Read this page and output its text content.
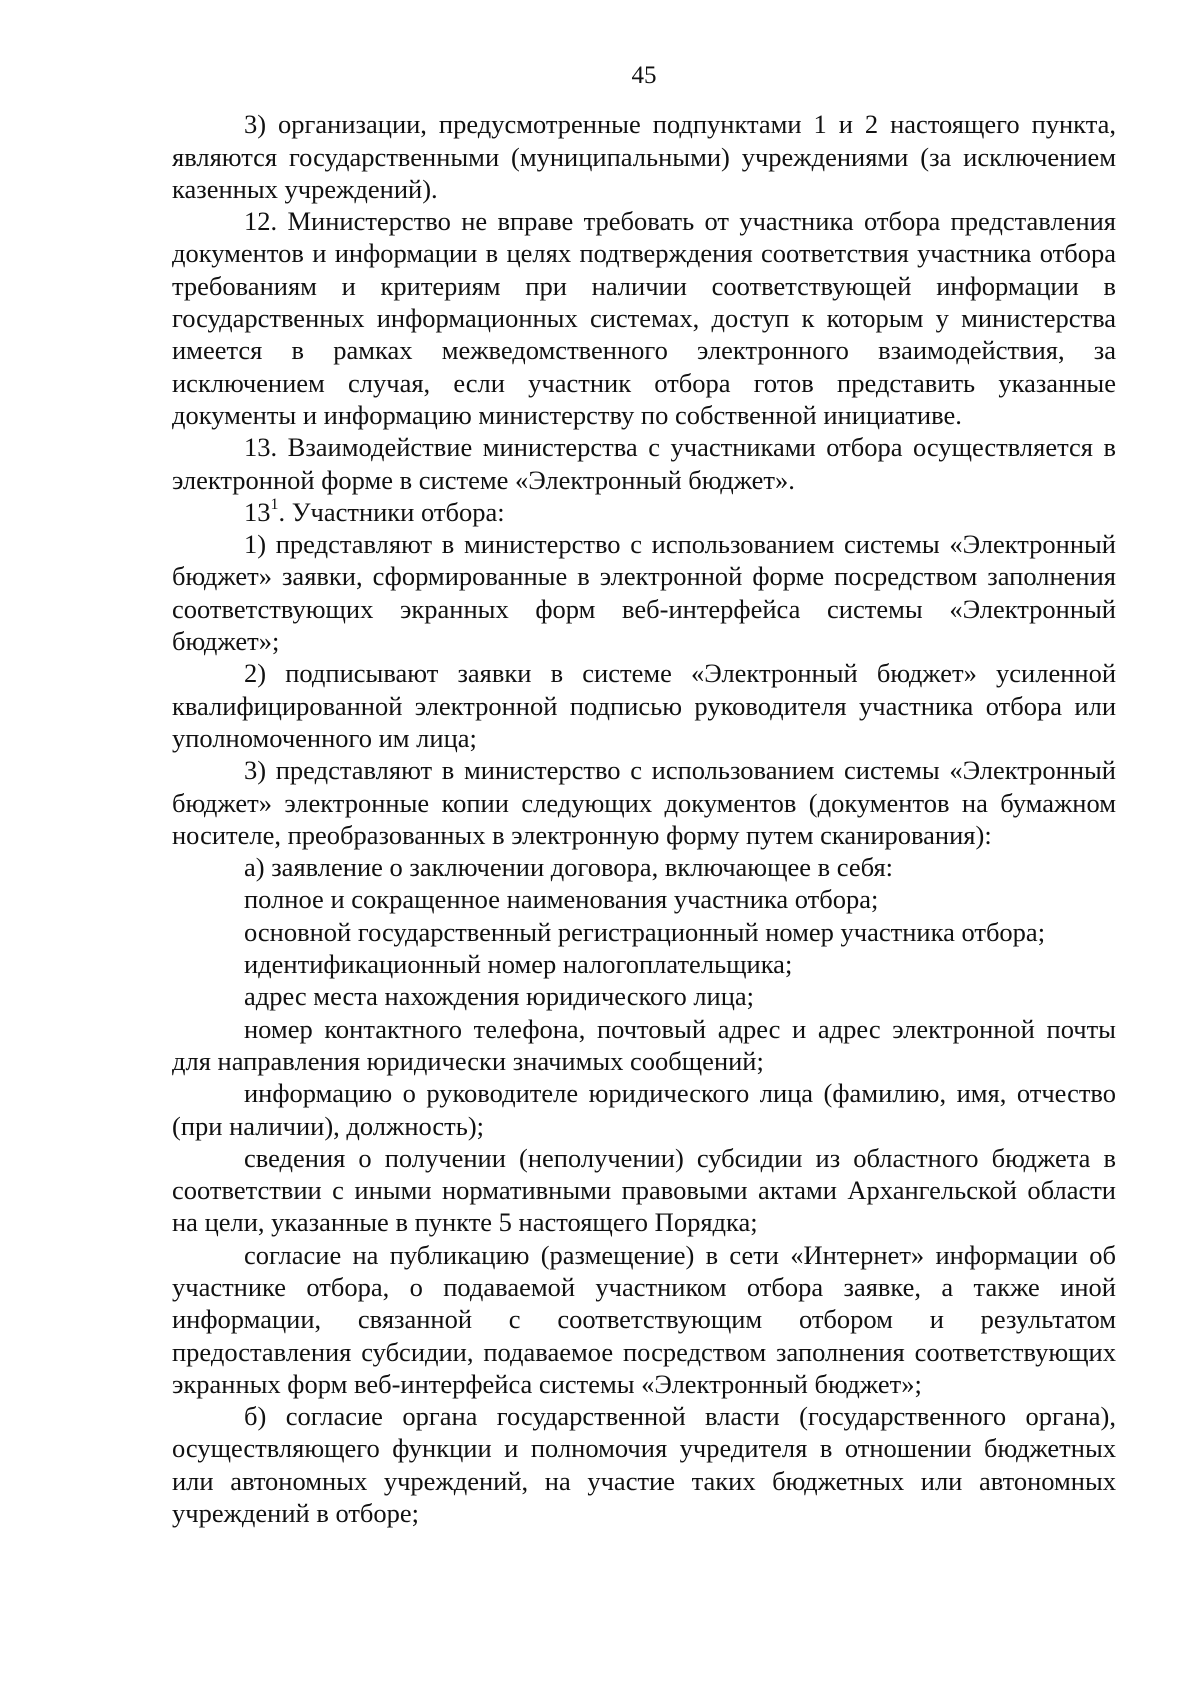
45

3) организации, предусмотренные подпунктами 1 и 2 настоящего пункта, являются государственными (муниципальными) учреждениями (за исключением казенных учреждений).

12. Министерство не вправе требовать от участника отбора представления документов и информации в целях подтверждения соответствия участника отбора требованиям и критериям при наличии соответствующей информации в государственных информационных системах, доступ к которым у министерства имеется в рамках межведомственного электронного взаимодействия, за исключением случая, если участник отбора готов представить указанные документы и информацию министерству по собственной инициативе.

13. Взаимодействие министерства с участниками отбора осуществляется в электронной форме в системе «Электронный бюджет».

$13^1$. Участники отбора:

1) представляют в министерство с использованием системы «Электронный бюджет» заявки, сформированные в электронной форме посредством заполнения соответствующих экранных форм веб-интерфейса системы «Электронный бюджет»;

2) подписывают заявки в системе «Электронный бюджет» усиленной квалифицированной электронной подписью руководителя участника отбора или уполномоченного им лица;

3) представляют в министерство с использованием системы «Электронный бюджет» электронные копии следующих документов (документов на бумажном носителе, преобразованных в электронную форму путем сканирования):

а) заявление о заключении договора, включающее в себя:

полное и сокращенное наименования участника отбора;

основной государственный регистрационный номер участника отбора;

идентификационный номер налогоплательщика;

адрес места нахождения юридического лица;

номер контактного телефона, почтовый адрес и адрес электронной почты для направления юридически значимых сообщений;

информацию о руководителе юридического лица (фамилию, имя, отчество (при наличии), должность);

сведения о получении (неполучении) субсидии из областного бюджета в соответствии с иными нормативными правовыми актами Архангельской области на цели, указанные в пункте 5 настоящего Порядка;

согласие на публикацию (размещение) в сети «Интернет» информации об участнике отбора, о подаваемой участником отбора заявке, а также иной информации, связанной с соответствующим отбором и результатом предоставления субсидии, подаваемое посредством заполнения соответствующих экранных форм веб-интерфейса системы «Электронный бюджет»;

б) согласие органа государственной власти (государственного органа), осуществляющего функции и полномочия учредителя в отношении бюджетных или автономных учреждений, на участие таких бюджетных или автономных учреждений в отборе;
